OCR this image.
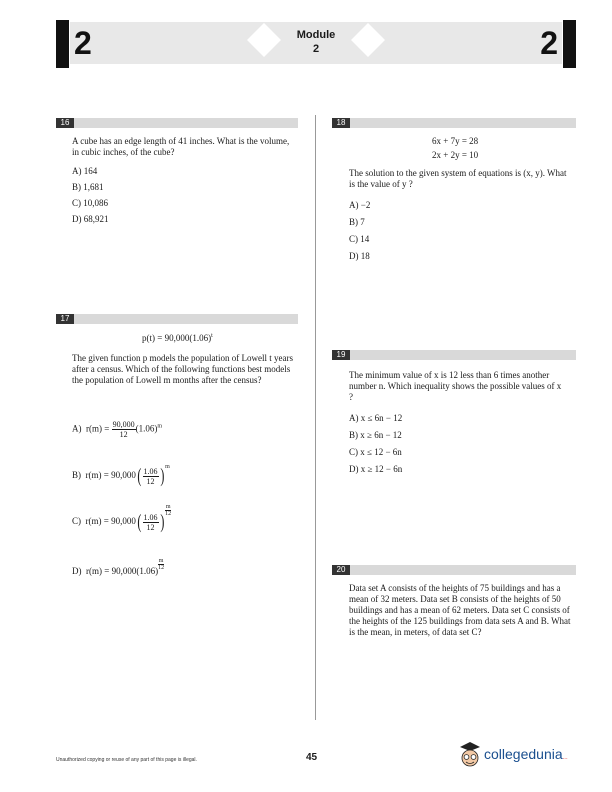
2	2
Module
2
16
A cube has an edge length of 41 inches. What is the volume, in cubic inches, of the cube?
A) 164
B) 1,681
C) 10,086
D) 68,921
17
$p(t) = 90,000(1.06)^t$
The given function p models the population of Lowell t years after a census. Which of the following functions best models the population of Lowell m months after the census?
A) $r(m) = \frac{90,000}{12} (1.06)^m$
B) $r(m) = 90,000( \frac{1.06}{12} )^m$
C) $r(m) = 90,000( \frac{1.06}{12}$ )
$\frac{m}{12}$
D) $r(m) = 90,000(1.06) \frac{m}{12}$
18
6x + 7y = 28
2x + 2y = 10
The solution to the given system of equations is (x, y). What is the value of y ?
A) −2
B) 7
C) 14
D) 18
19
The minimum value of x is 12 less than 6 times another number n. Which inequality shows the possible values of x ?
A) x ≤ 6n − 12
B) x ≥ 6n − 12
C) x ≤ 12 − 6n
D) x ≥ 12 − 6n
20
Data set A consists of the heights of 75 buildings and has a mean of 32 meters. Data set B consists of the heights of 50 buildings and has a mean of 62 meters. Data set C consists of the heights of the 125 buildings from data sets A and B. What is the mean, in meters, of data set C?
Unauthorized copying or reuse of any part of this page is illegal.	45	collegedunia...
